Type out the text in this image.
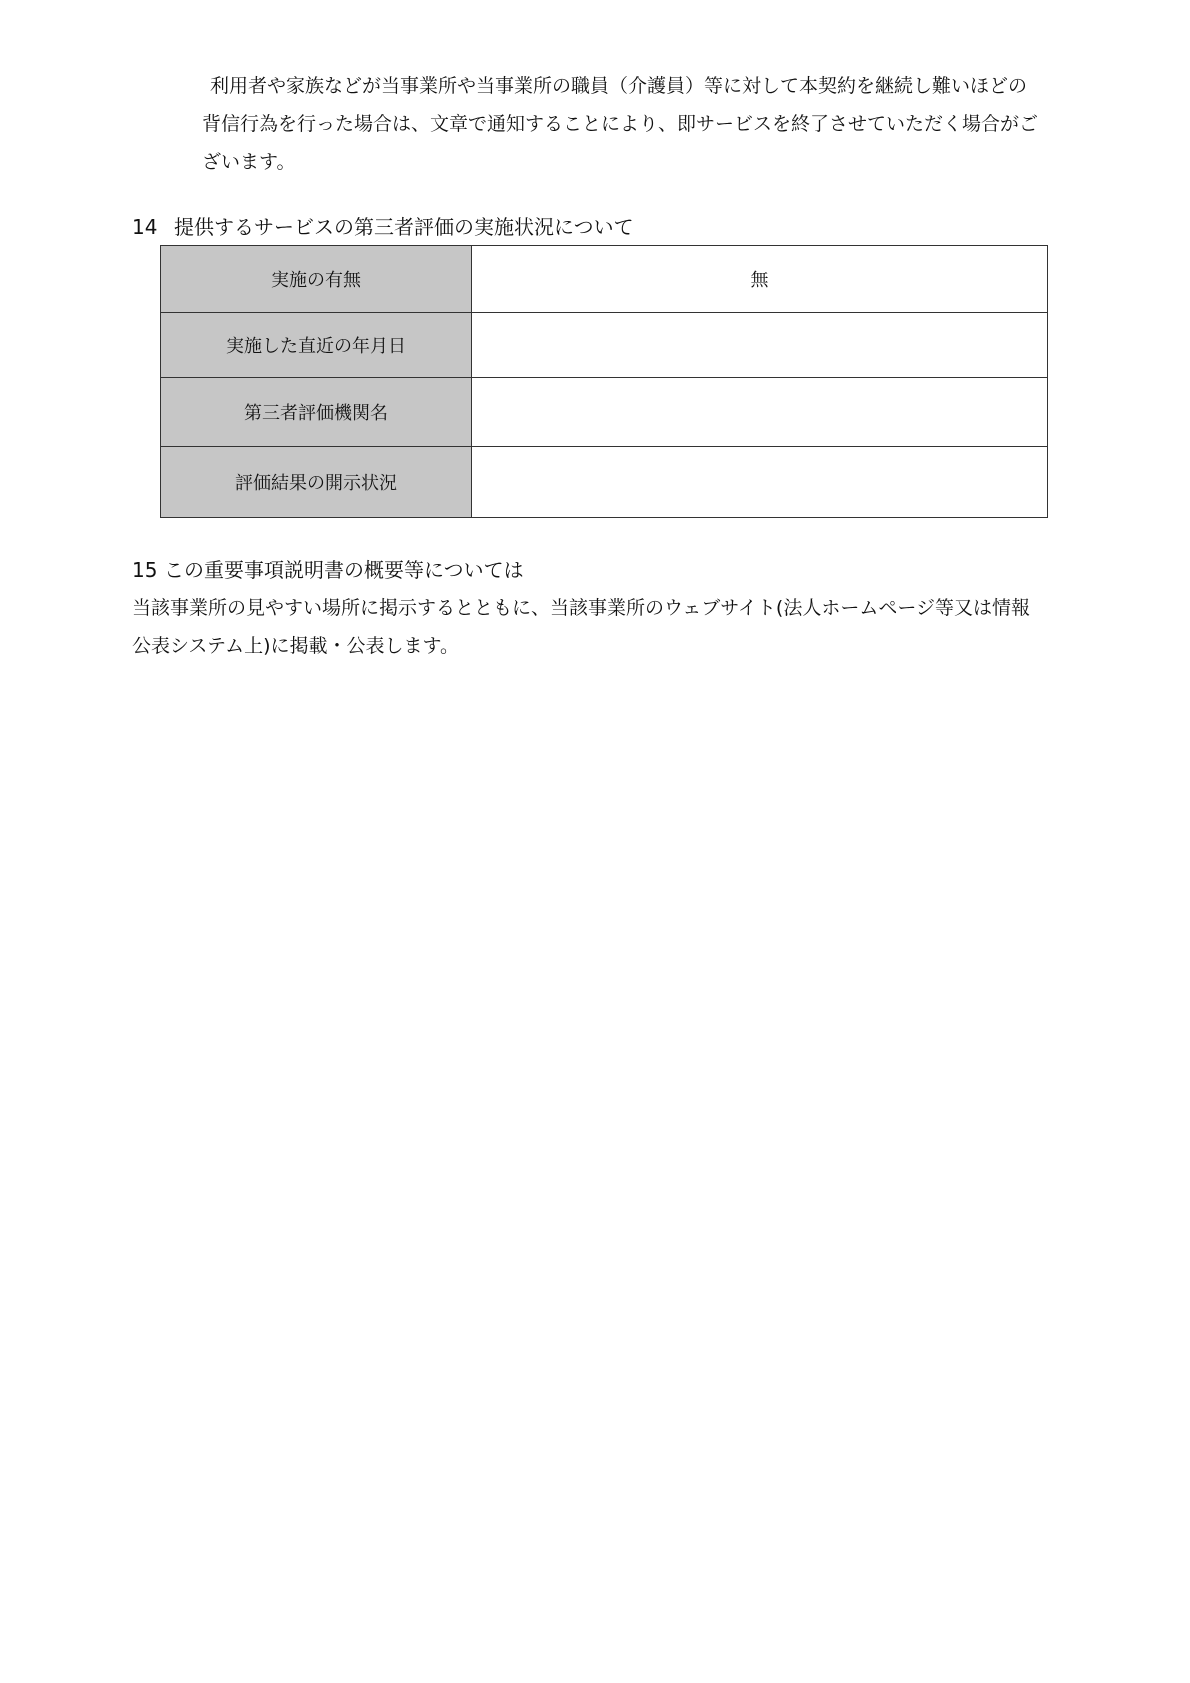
利用者や家族などが当事業所や当事業所の職員（介護員）等に対して本契約を継続し難いほどの
背信行為を行った場合は、文章で通知することにより、即サービスを終了させていただく場合がご
ざいます。
14 提供するサービスの第三者評価の実施状況について
実施の有無	無
実施した直近の年月日	
第三者評価機関名	
評価結果の開示状況	
15 この重要事項説明書の概要等については
当該事業所の見やすい場所に掲示するとともに、当該事業所のウェブサイト(法人ホームページ等又は情報
公表システム上)に掲載・公表します。
